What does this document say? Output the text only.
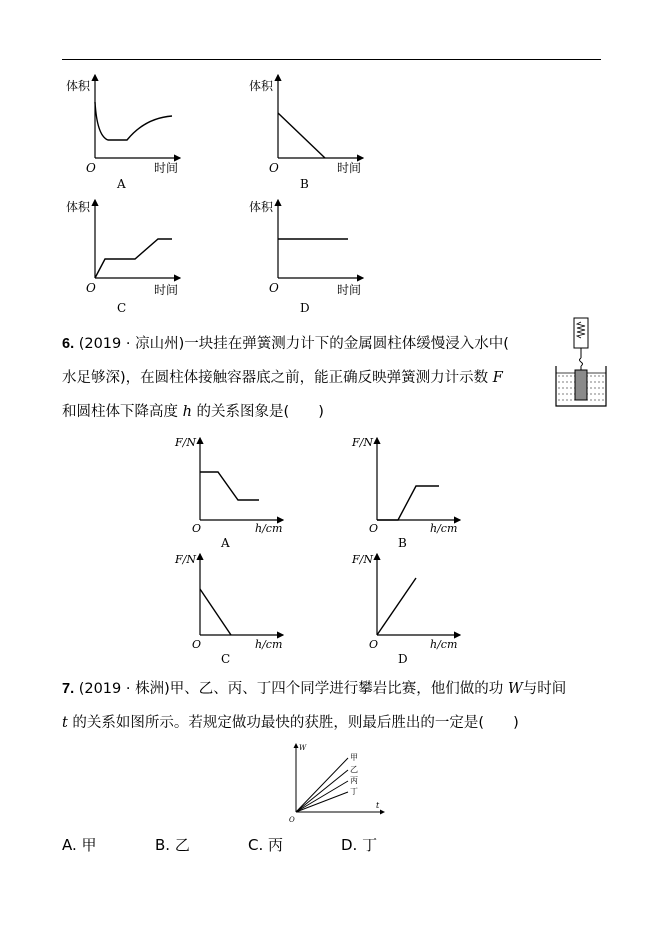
体积
时间
O
A
体积
时间
O
B
体积
时间
O
C
体积
时间
O
D
6. (2019 · 凉山州)一块挂在弹簧测力计下的金属圆柱体缓慢浸入水中(
水足够深)，在圆柱体接触容器底之前，能正确反映弹簧测力计示数 F
和圆柱体下降高度 h 的关系图象是(　　)
F/N
h/cm
O
A
F/N
h/cm
O
B
F/N
h/cm
O
C
F/N
h/cm
O
D
7. (2019 · 株洲)甲、乙、丙、丁四个同学进行攀岩比赛，他们做的功 W与时间
t 的关系如图所示。若规定做功最快的获胜，则最后胜出的一定是(　　)
甲
乙
丙
丁
W
t
O
A. 甲	B. 乙	C. 丙	D. 丁
